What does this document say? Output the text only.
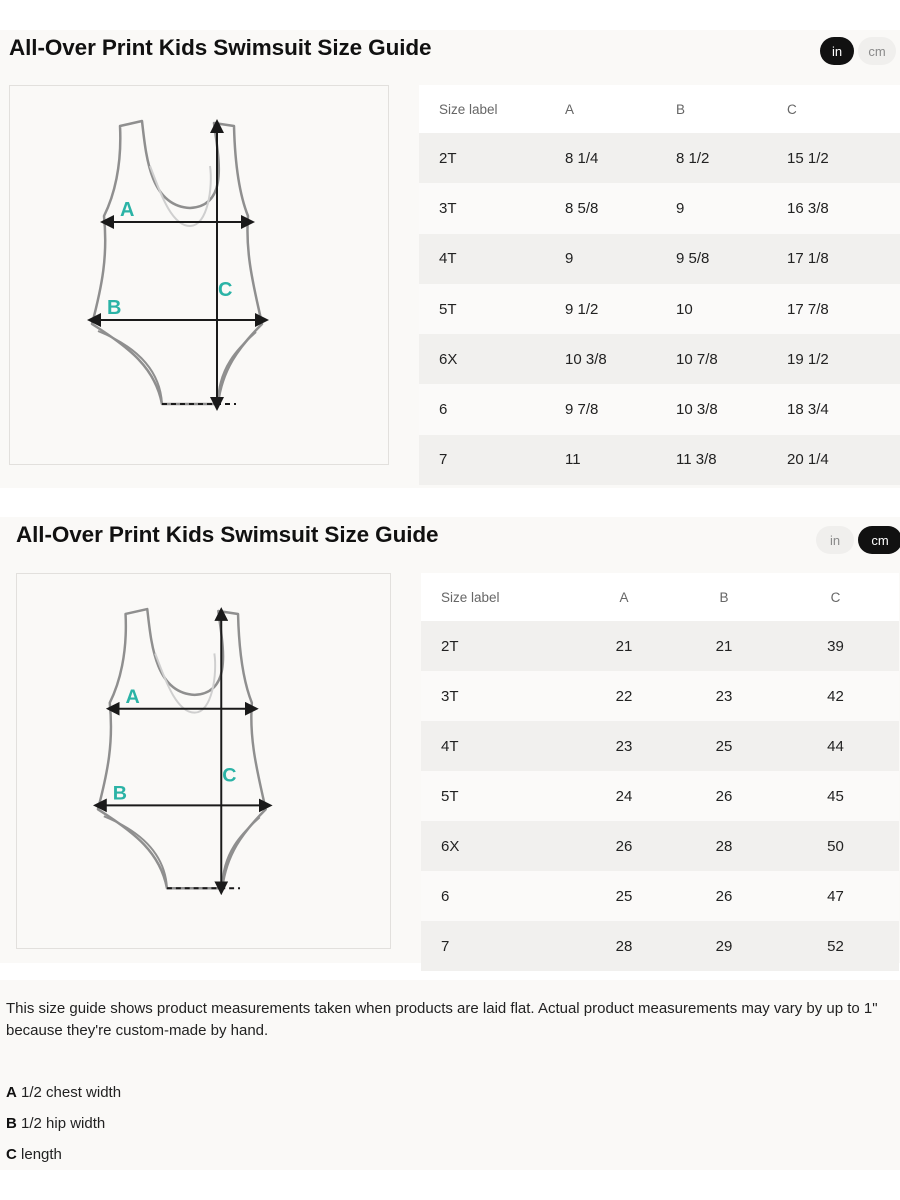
All-Over Print Kids Swimsuit Size Guide	in	cm
A
B
C
Size label	A	B	C
2T	8 1/4	8 1/2	15 1/2
3T	8 5/8	9	16 3/8
4T	9	9 5/8	17 1/8
5T	9 1/2	10	17 7/8
6X	10 3/8	10 7/8	19 1/2
6	9 7/8	10 3/8	18 3/4
7	11	11 3/8	20 1/4
All-Over Print Kids Swimsuit Size Guide	in	cm
A
B
C
Size label	A	B	C
2T	21	21	39
3T	22	23	42
4T	23	25	44
5T	24	26	45
6X	26	28	50
6	25	26	47
7	28	29	52

This size guide shows product measurements taken when products are laid flat. Actual product measurements may vary by up to 1" because they're custom-made by hand.

A 1/2 chest width
B 1/2 hip width
C length
